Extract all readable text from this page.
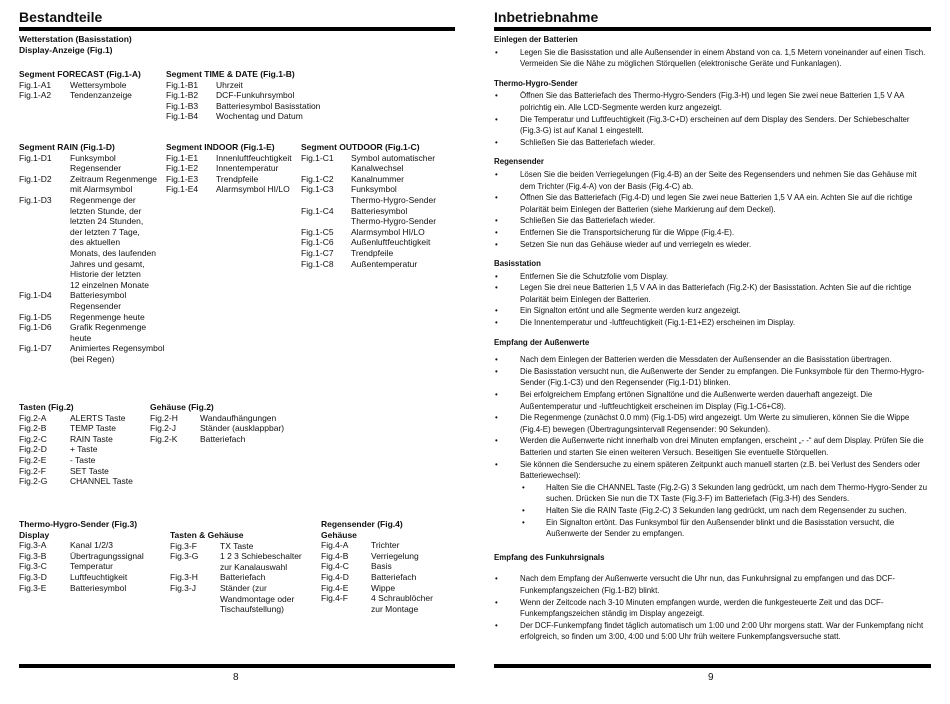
Bestandteile
Wetterstation (Basisstation)
Display-Anzeige (Fig.1)
Segment FORECAST (Fig.1-A)
Fig.1-A1	Wettersymbole
Fig.1-A2	Tendenzanzeige
Segment TIME & DATE (Fig.1-B)
Fig.1-B1	Uhrzeit
Fig.1-B2	DCF-Funkuhrsymbol
Fig.1-B3	Batteriesymbol Basisstation
Fig.1-B4	Wochentag und Datum
Segment RAIN (Fig.1-D)
Fig.1-D1	Funksymbol
	Regensender
Fig.1-D2	Zeitraum Regenmenge
	mit Alarmsymbol
Fig.1-D3	Regenmenge der
	letzten Stunde, der
	letzten 24 Stunden,
	der letzten 7 Tage,
	des aktuellen
	Monats, des laufenden
	Jahres und gesamt,
	Historie der letzten
	12 einzelnen Monate
Fig.1-D4	Batteriesymbol
	Regensender
Fig.1-D5	Regenmenge heute
Fig.1-D6	Grafik Regenmenge
	heute
Fig.1-D7	Animiertes Regensymbol
	(bei Regen)
Segment INDOOR (Fig.1-E)
Fig.1-E1	Innenluftfeuchtigkeit
Fig.1-E2	Innentemperatur
Fig.1-E3	Trendpfeile
Fig.1-E4	Alarmsymbol HI/LO
Segment OUTDOOR (Fig.1-C)
Fig.1-C1	Symbol automatischer
	Kanalwechsel
Fig.1-C2	Kanalnummer
Fig.1-C3	Funksymbol
	Thermo-Hygro-Sender
Fig.1-C4	Batteriesymbol
	Thermo-Hygro-Sender
Fig.1-C5	Alarmsymbol HI/LO
Fig.1-C6	Außenluftfeuchtigkeit
Fig.1-C7	Trendpfeile
Fig.1-C8	Außentemperatur
Tasten (Fig.2)
Fig.2-A	ALERTS Taste
Fig.2-B	TEMP Taste
Fig.2-C	RAIN Taste
Fig.2-D	+ Taste
Fig.2-E	- Taste
Fig.2-F	SET Taste
Fig.2-G	CHANNEL Taste
Gehäuse (Fig.2)
Fig.2-H	Wandaufhängungen
Fig.2-J	Ständer (ausklappbar)
Fig.2-K	Batteriefach
Thermo-Hygro-Sender (Fig.3)
Display
Fig.3-A	Kanal 1/2/3
Fig.3-B	Übertragungssignal
Fig.3-C	Temperatur
Fig.3-D	Luftfeuchtigkeit
Fig.3-E	Batteriesymbol
Tasten & Gehäuse
Fig.3-F	TX Taste
Fig.3-G	1 2 3 Schiebeschalter
	zur Kanalauswahl
Fig.3-H	Batteriefach
Fig.3-J	Ständer (zur
	Wandmontage oder
	Tischaufstellung)
Regensender (Fig.4)
Gehäuse
Fig.4-A	Trichter
Fig.4-B	Verriegelung
Fig.4-C	Basis
Fig.4-D	Batteriefach
Fig.4-E	Wippe
Fig.4-F	4 Schraublöcher
	zur Montage
8
Inbetriebnahme
Einlegen der Batterien
• Legen Sie die Basisstation und alle Außensender in einem Abstand von ca. 1,5 Metern voneinander auf einen Tisch. Vermeiden Sie die Nähe zu möglichen Störquellen (elektronische Geräte und Funkanlagen).
Thermo-Hygro-Sender
• Öffnen Sie das Batteriefach des Thermo-Hygro-Senders (Fig.3-H) und legen Sie zwei neue Batterien 1,5 V AA polrichtig ein. Alle LCD-Segmente werden kurz angezeigt.
• Die Temperatur und Luftfeuchtigkeit (Fig.3-C+D) erscheinen auf dem Display des Senders. Der Schiebeschalter (Fig.3-G) ist auf Kanal 1 eingestellt.
• Schließen Sie das Batteriefach wieder.
Regensender
• Lösen Sie die beiden Verriegelungen (Fig.4-B) an der Seite des Regensenders und nehmen Sie das Gehäuse mit dem Trichter (Fig.4-A) von der Basis (Fig.4-C) ab.
• Öffnen Sie das Batteriefach (Fig.4-D) und legen Sie zwei neue Batterien 1,5 V AA ein. Achten Sie auf die richtige Polarität beim Einlegen der Batterien (siehe Markierung auf dem Deckel).
• Schließen Sie das Batteriefach wieder.
• Entfernen Sie die Transportsicherung für die Wippe (Fig.4-E).
• Setzen Sie nun das Gehäuse wieder auf und verriegeln es wieder.
Basisstation
• Entfernen Sie die Schutzfolie vom Display.
• Legen Sie drei neue Batterien 1,5 V AA in das Batteriefach (Fig.2-K) der Basisstation. Achten Sie auf die richtige Polarität beim Einlegen der Batterien.
• Ein Signalton ertönt und alle Segmente werden kurz angezeigt.
• Die Innentemperatur und -luftfeuchtigkeit (Fig.1-E1+E2) erscheinen im Display.
Empfang der Außenwerte
• Nach dem Einlegen der Batterien werden die Messdaten der Außensender an die Basisstation übertragen.
• Die Basisstation versucht nun, die Außenwerte der Sender zu empfangen. Die Funksymbole für den Thermo-Hygro-Sender (Fig.1-C3) und den Regensender (Fig.1-D1) blinken.
• Bei erfolgreichem Empfang ertönen Signaltöne und die Außenwerte werden dauerhaft angezeigt. Die Außentemperatur und -luftfeuchtigkeit erscheinen im Display (Fig.1-C6+C8).
• Die Regenmenge (zunächst 0.0 mm) (Fig.1-D5) wird angezeigt. Um Werte zu simulieren, können Sie die Wippe (Fig.4-E) bewegen (Übertragungsintervall Regensender: 90 Sekunden).
• Werden die Außenwerte nicht innerhalb von drei Minuten empfangen, erscheint „- -“ auf dem Display. Prüfen Sie die Batterien und starten Sie einen weiteren Versuch. Beseitigen Sie eventuelle Störquellen.
• Sie können die Sendersuche zu einem späteren Zeitpunkt auch manuell starten (z.B. bei Verlust des Senders oder Batteriewechsel):
• Halten Sie die CHANNEL Taste (Fig.2-G) 3 Sekunden lang gedrückt, um nach dem Thermo-Hygro-Sender zu suchen. Drücken Sie nun die TX Taste (Fig.3-F) im Batteriefach (Fig.3-H) des Senders.
• Halten Sie die RAIN Taste (Fig.2-C) 3 Sekunden lang gedrückt, um nach dem Regensender zu suchen.
• Ein Signalton ertönt. Das Funksymbol für den Außensender blinkt und die Basisstation versucht, die Außenwerte der Sender zu empfangen.
Empfang des Funkuhrsignals
• Nach dem Empfang der Außenwerte versucht die Uhr nun, das Funkuhrsignal zu empfangen und das DCF-Funkempfangszeichen (Fig.1-B2) blinkt.
• Wenn der Zeitcode nach 3-10 Minuten empfangen wurde, werden die funkgesteuerte Zeit und das DCF-Funkempfangszeichen ständig im Display angezeigt.
• Der DCF-Funkempfang findet täglich automatisch um 1:00 und 2:00 Uhr morgens statt. War der Funkempfang nicht erfolgreich, so finden um 3:00, 4:00 und 5:00 Uhr früh weitere Funkempfangsversuche statt.
9
